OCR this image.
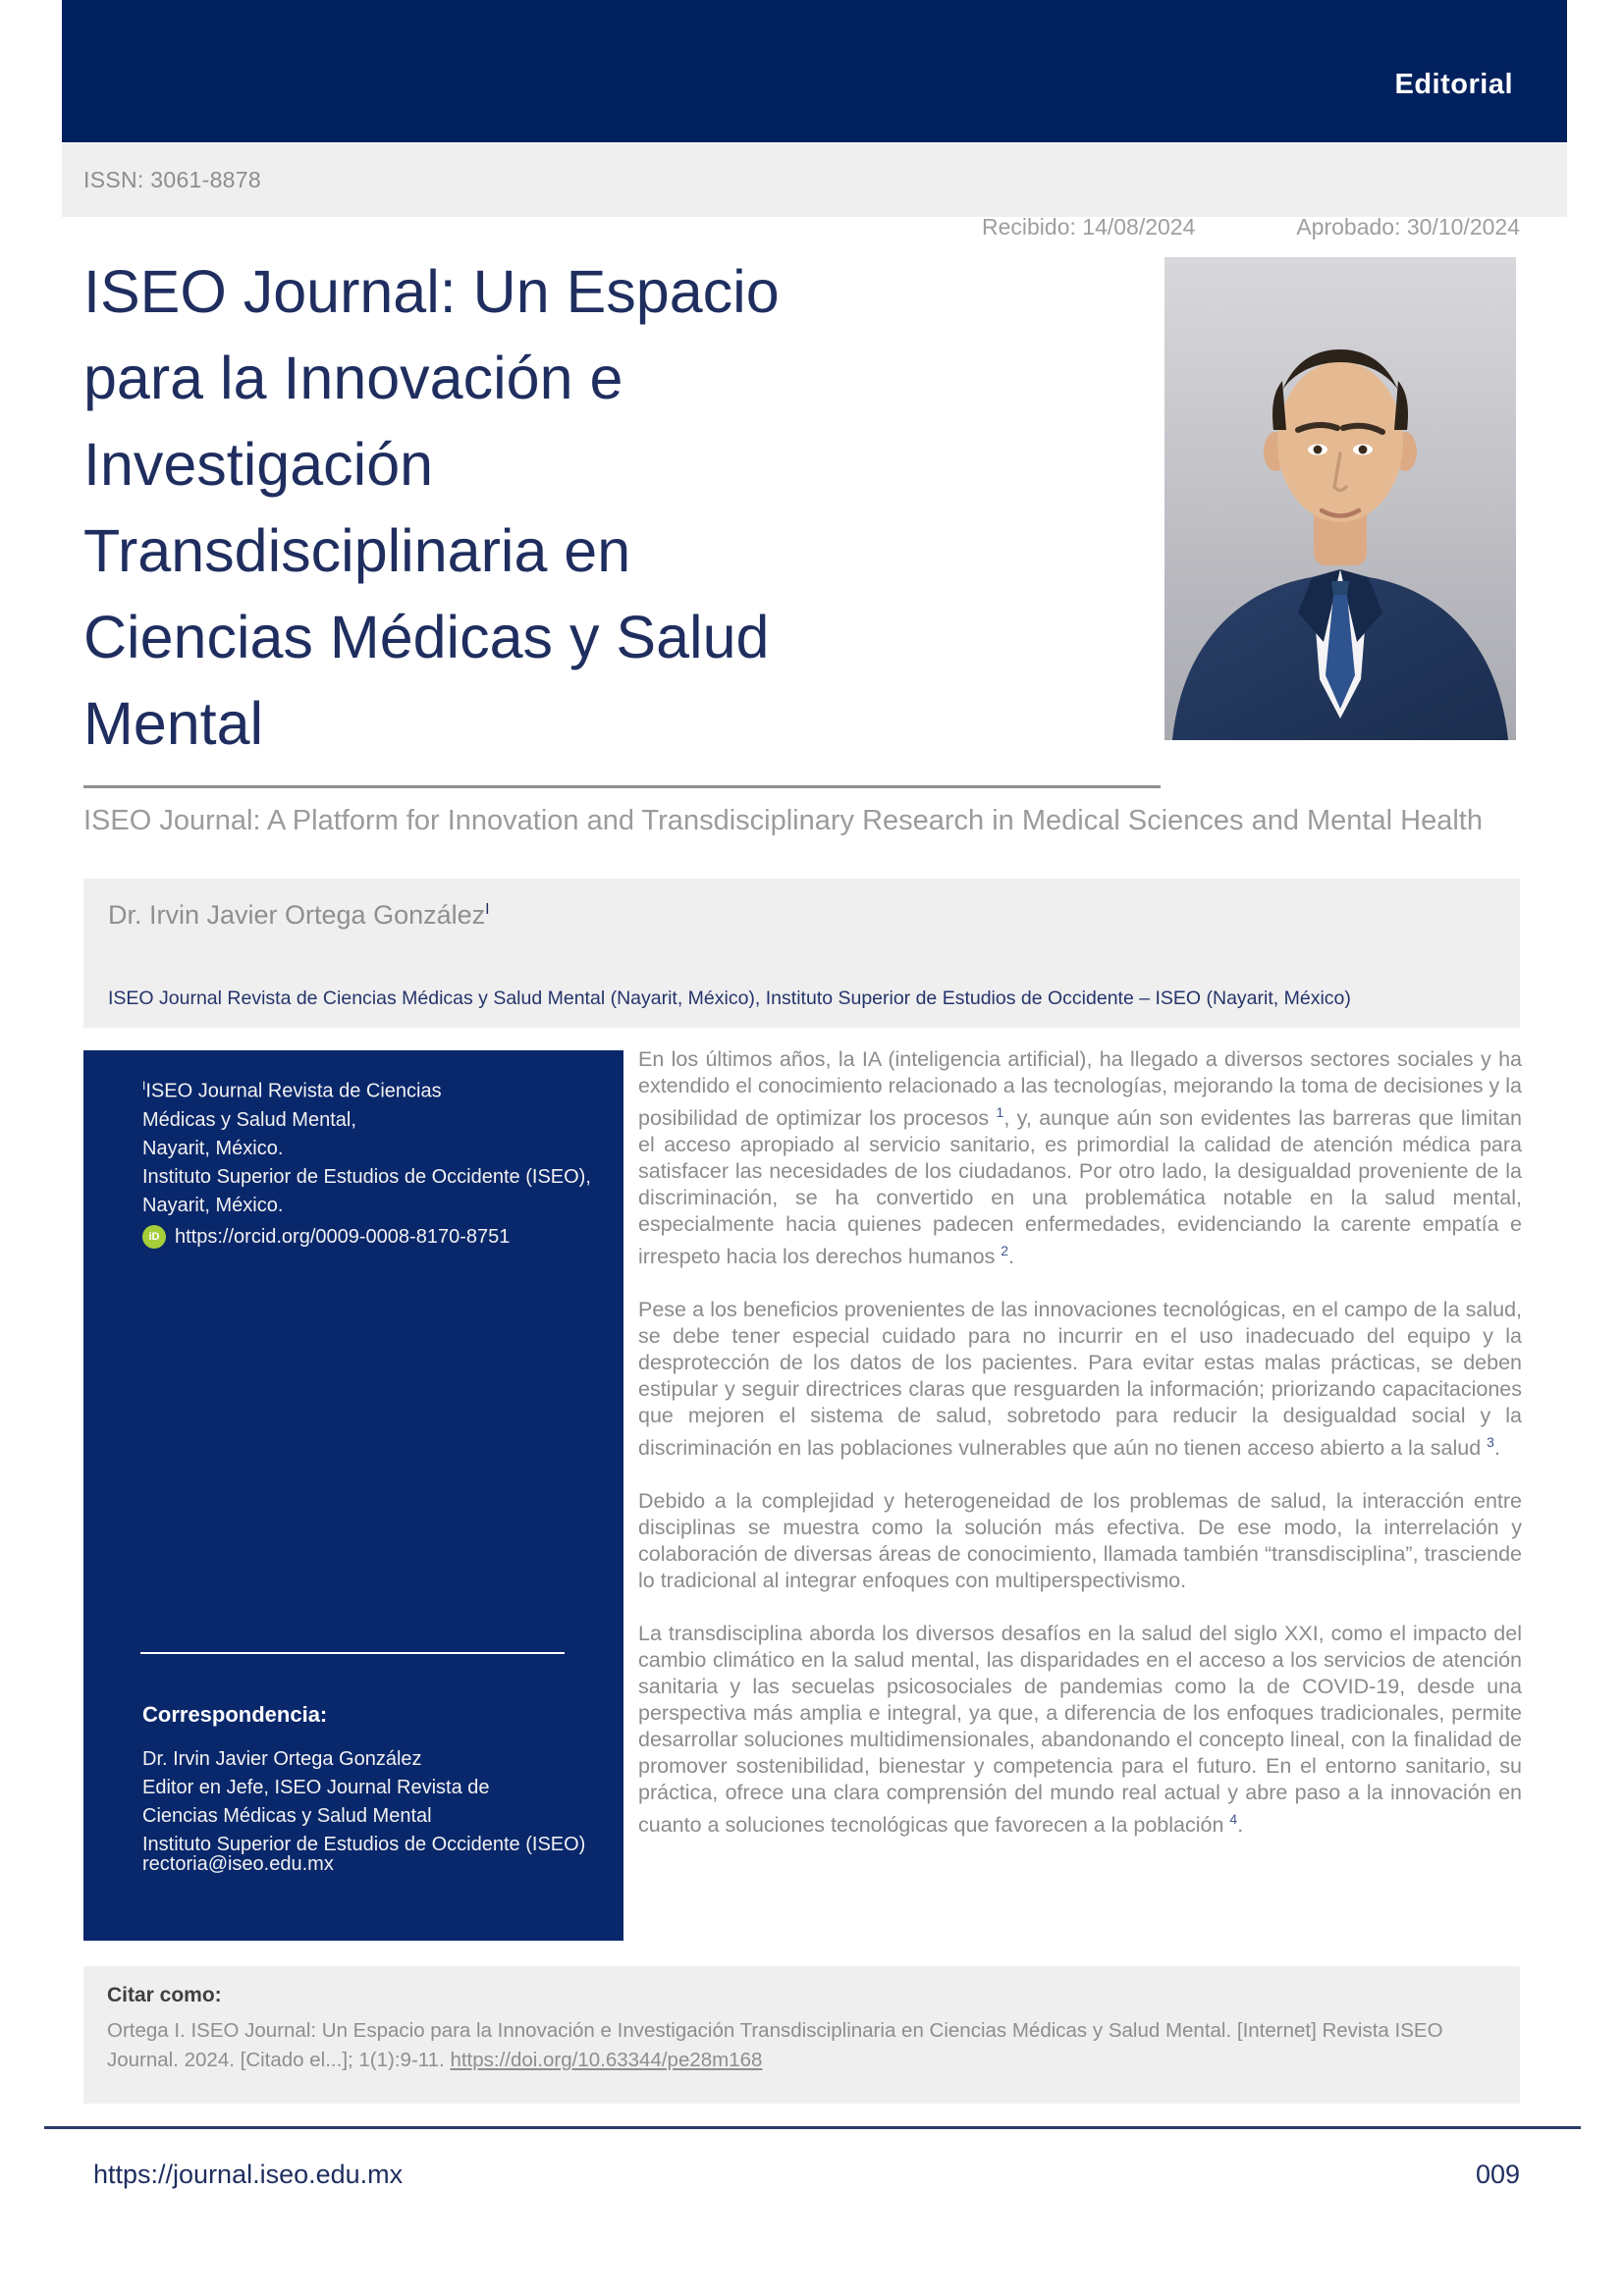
Editorial
ISSN: 3061-8878
Recibido: 14/08/2024	Aprobado: 30/10/2024
ISEO Journal: Un Espacio
para la Innovación e
Investigación
Transdisciplinaria en
Ciencias Médicas y Salud
Mental
ISEO Journal: A Platform for Innovation and Transdisciplinary Research in Medical Sciences and Mental Health
Dr. Irvin Javier Ortega González$^I$
ISEO Journal Revista de Ciencias Médicas y Salud Mental (Nayarit, México), Instituto Superior de Estudios de Occidente – ISEO (Nayarit, México)
$^I$ISEO Journal Revista de Ciencias
Médicas y Salud Mental,
Nayarit, México.
Instituto Superior de Estudios de Occidente (ISEO),
Nayarit, México.
iD https://orcid.org/0009-0008-8170-8751
Correspondencia:
Dr. Irvin Javier Ortega González
Editor en Jefe, ISEO Journal Revista de
Ciencias Médicas y Salud Mental
Instituto Superior de Estudios de Occidente (ISEO)
rectoria@iseo.edu.mx

En los últimos años, la IA (inteligencia artificial), ha llegado a diversos sectores sociales y ha extendido el conocimiento relacionado a las tecnologías, mejorando la toma de decisiones y la posibilidad de optimizar los procesos $^1$, y, aunque aún son evidentes las barreras que limitan el acceso apropiado al servicio sanitario, es primordial la calidad de atención médica para satisfacer las necesidades de los ciudadanos. Por otro lado, la desigualdad proveniente de la discriminación, se ha convertido en una problemática notable en la salud mental, especialmente hacia quienes padecen enfermedades, evidenciando la carente empatía e irrespeto hacia los derechos humanos $^2$.

Pese a los beneficios provenientes de las innovaciones tecnológicas, en el campo de la salud, se debe tener especial cuidado para no incurrir en el uso inadecuado del equipo y la desprotección de los datos de los pacientes. Para evitar estas malas prácticas, se deben estipular y seguir directrices claras que resguarden la información; priorizando capacitaciones que mejoren el sistema de salud, sobretodo para reducir la desigualdad social y la discriminación en las poblaciones vulnerables que aún no tienen acceso abierto a la salud $^3$.

Debido a la complejidad y heterogeneidad de los problemas de salud, la interacción entre disciplinas se muestra como la solución más efectiva. De ese modo, la interrelación y colaboración de diversas áreas de conocimiento, llamada también “transdisciplina”, trasciende lo tradicional al integrar enfoques con multiperspectivismo.

La transdisciplina aborda los diversos desafíos en la salud del siglo XXI, como el impacto del cambio climático en la salud mental, las disparidades en el acceso a los servicios de atención sanitaria y las secuelas psicosociales de pandemias como la de COVID-19, desde una perspectiva más amplia e integral, ya que, a diferencia de los enfoques tradicionales, permite desarrollar soluciones multidimensionales, abandonando el concepto lineal, con la finalidad de promover sostenibilidad, bienestar y competencia para el futuro. En el entorno sanitario, su práctica, ofrece una clara comprensión del mundo real actual y abre paso a la innovación en cuanto a soluciones tecnológicas que favorecen a la población $^4$.

Citar como:
Ortega I. ISEO Journal: Un Espacio para la Innovación e Investigación Transdisciplinaria en Ciencias Médicas y Salud Mental. [Internet] Revista ISEO Journal. 2024. [Citado el...]; 1(1):9-11. https://doi.org/10.63344/pe28m168
https://journal.iseo.edu.mx	009
